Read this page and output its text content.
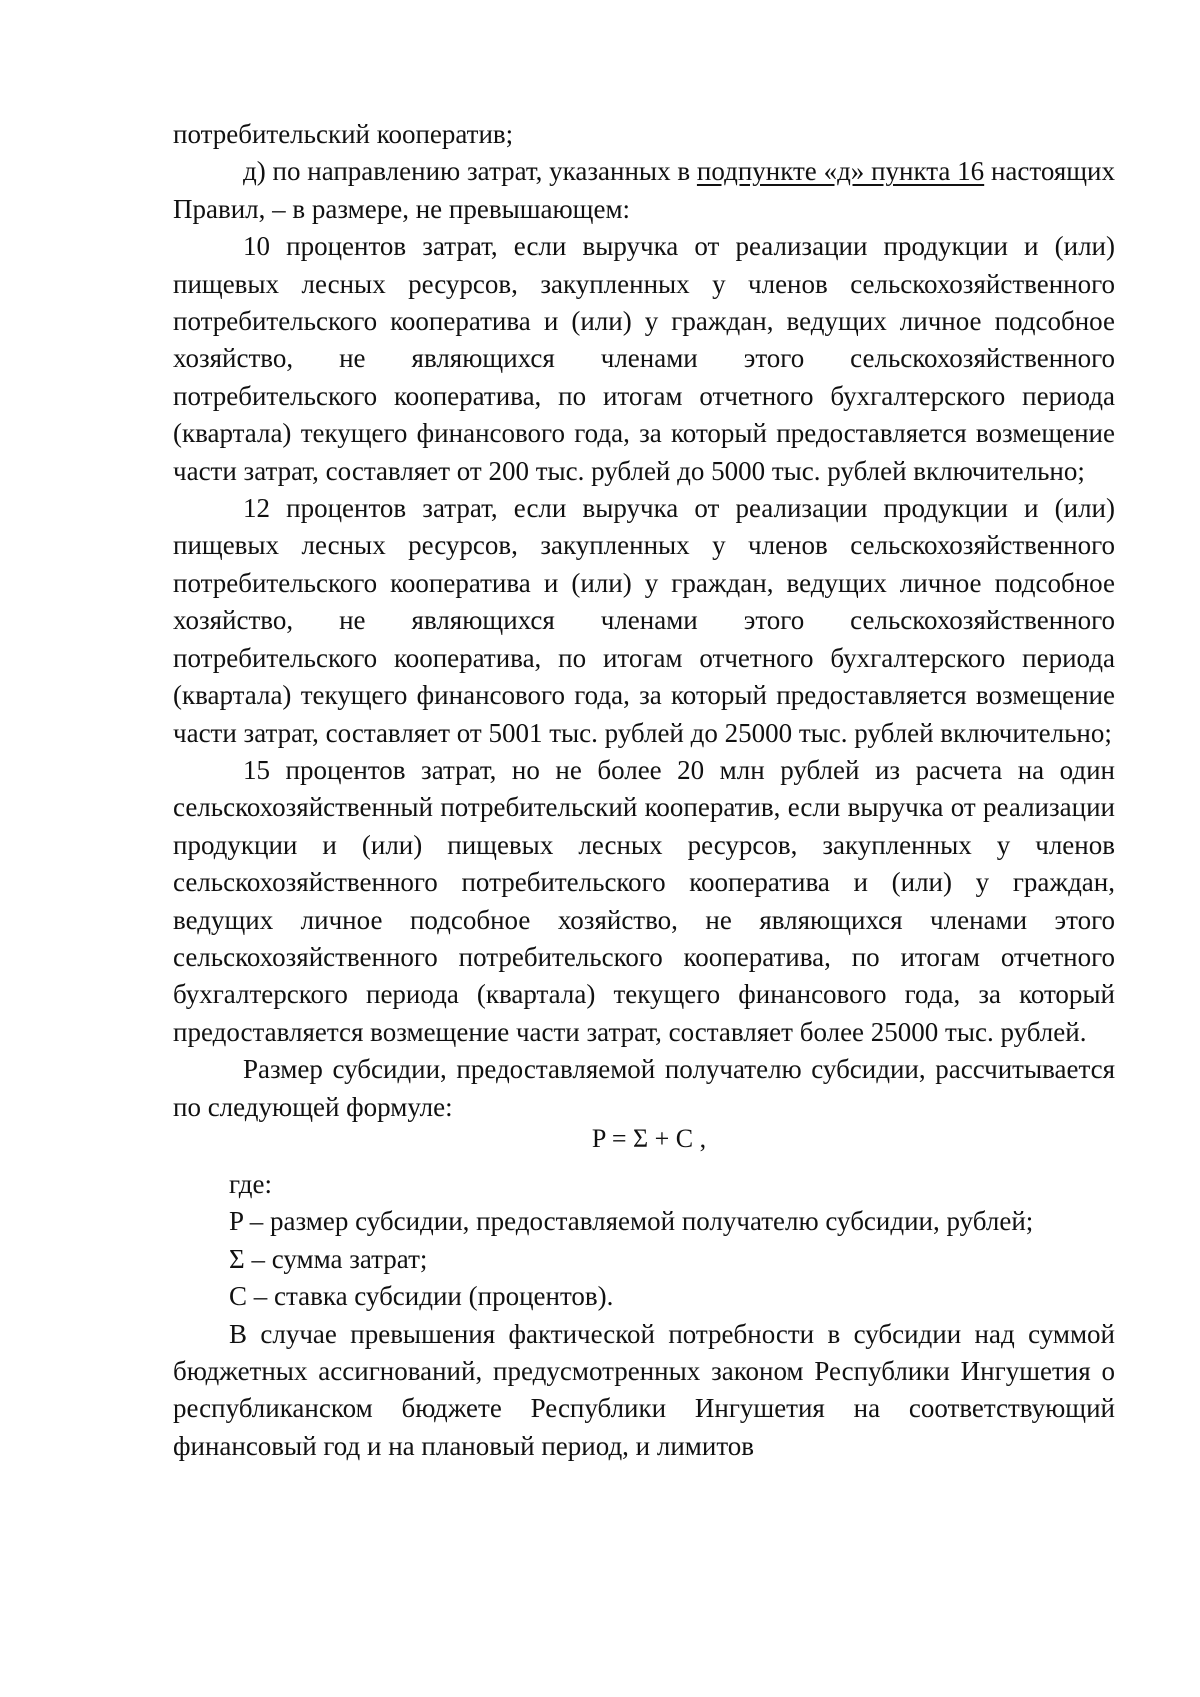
потребительский кооператив;

д) по направлению затрат, указанных в подпункте «д» пункта 16 настоящих Правил, – в размере, не превышающем:

10 процентов затрат, если выручка от реализации продукции и (или) пищевых лесных ресурсов, закупленных у членов сельскохозяйственного потребительского кооператива и (или) у граждан, ведущих личное подсобное хозяйство, не являющихся членами этого сельскохозяйственного потребительского кооператива, по итогам отчетного бухгалтерского периода (квартала) текущего финансового года, за который предоставляется возмещение части затрат, составляет от 200 тыс. рублей до 5000 тыс. рублей включительно;

12 процентов затрат, если выручка от реализации продукции и (или) пищевых лесных ресурсов, закупленных у членов сельскохозяйственного потребительского кооператива и (или) у граждан, ведущих личное подсобное хозяйство, не являющихся членами этого сельскохозяйственного потребительского кооператива, по итогам отчетного бухгалтерского периода (квартала) текущего финансового года, за который предоставляется возмещение части затрат, составляет от 5001 тыс. рублей до 25000 тыс. рублей включительно;

15 процентов затрат, но не более 20 млн рублей из расчета на один сельскохозяйственный потребительский кооператив, если выручка от реализации продукции и (или) пищевых лесных ресурсов, закупленных у членов сельскохозяйственного потребительского кооператива и (или) у граждан, ведущих личное подсобное хозяйство, не являющихся членами этого сельскохозяйственного потребительского кооператива, по итогам отчетного бухгалтерского периода (квартала) текущего финансового года, за который предоставляется возмещение части затрат, составляет более 25000 тыс. рублей.

Размер субсидии, предоставляемой получателю субсидии, рассчитывается по следующей формуле:

P = Σ + C ,

где:

P – размер субсидии, предоставляемой получателю субсидии, рублей;

Σ – сумма затрат;

C – ставка субсидии (процентов).

В случае превышения фактической потребности в субсидии над суммой бюджетных ассигнований, предусмотренных законом Республики Ингушетия о республиканском бюджете Республики Ингушетия на соответствующий финансовый год и на плановый период, и лимитов
